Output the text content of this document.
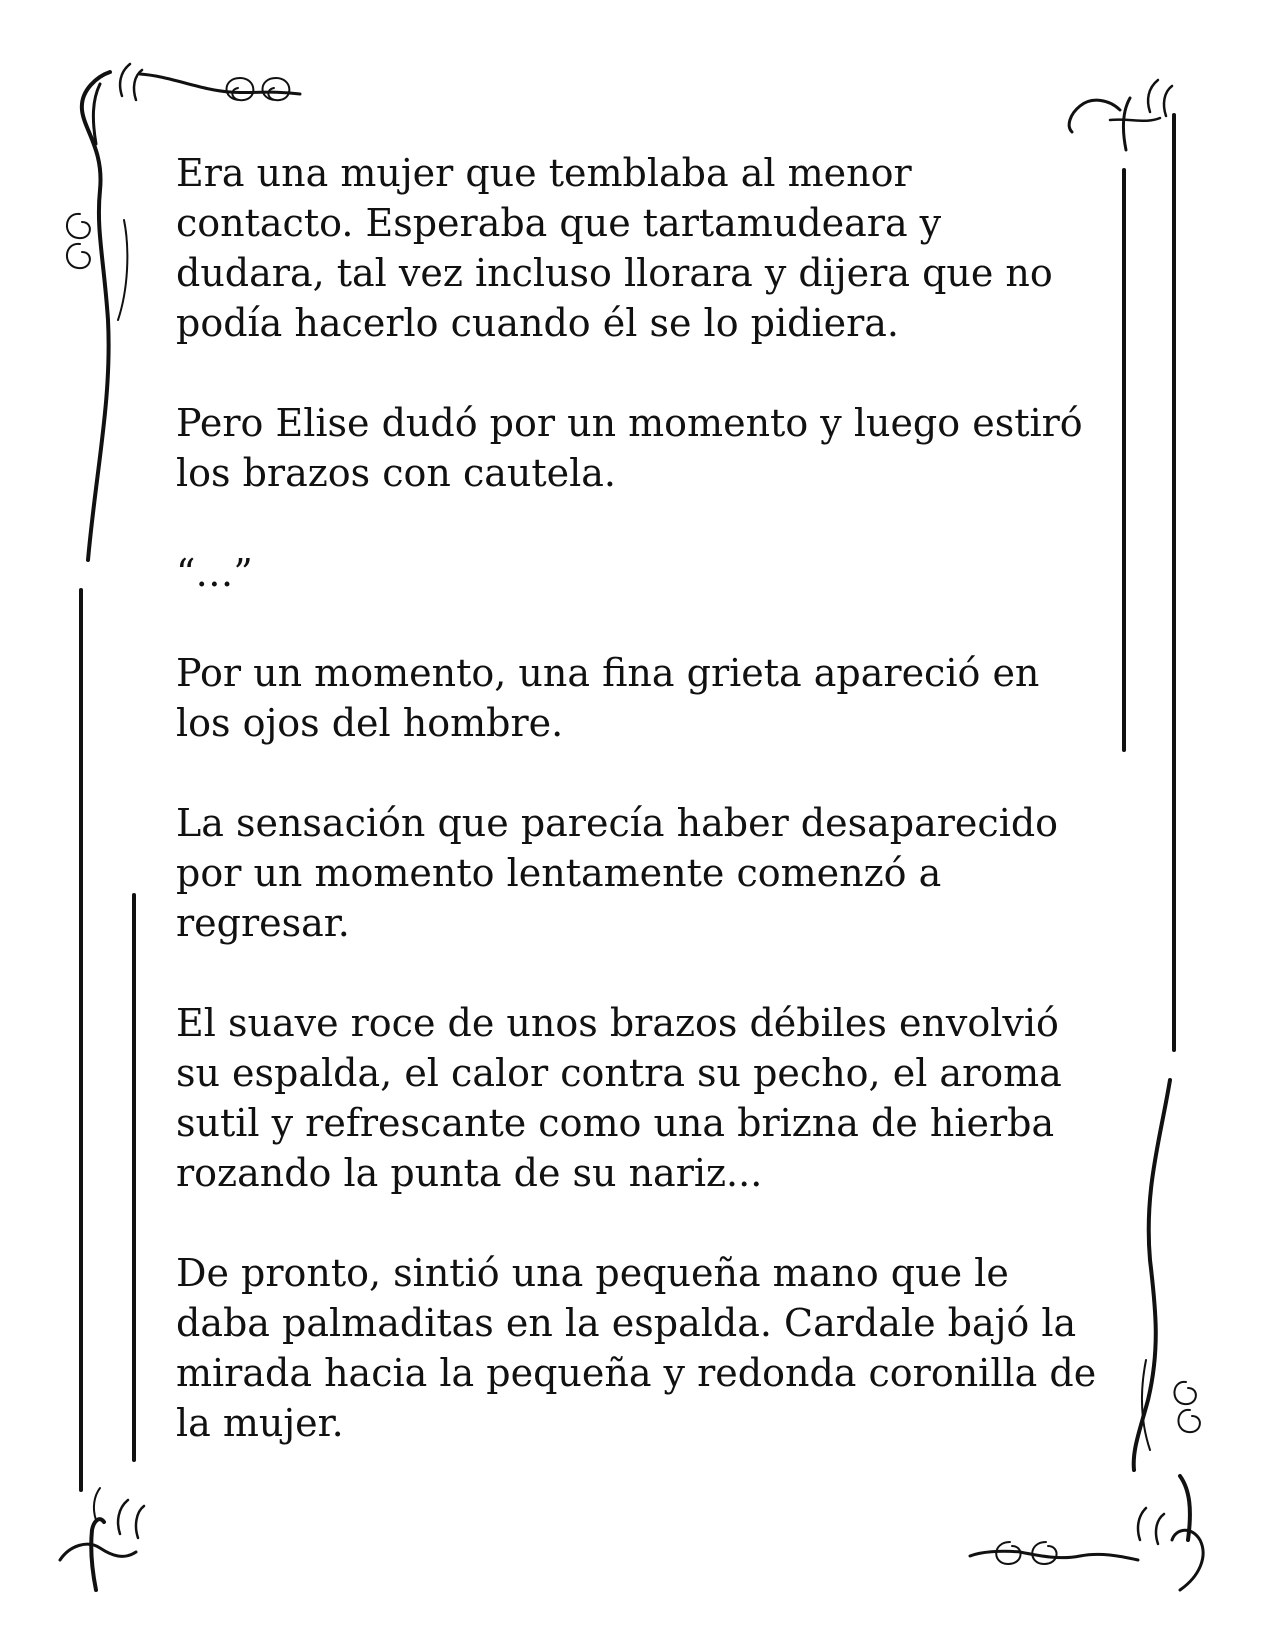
Era una mujer que temblaba al menor
contacto. Esperaba que tartamudeara y
dudara, tal vez incluso llorara y dijera que no
podía hacerlo cuando él se lo pidiera.

Pero Elise dudó por un momento y luego estiró
los brazos con cautela.

“…”

Por un momento, una fina grieta apareció en
los ojos del hombre.

La sensación que parecía haber desaparecido
por un momento lentamente comenzó a
regresar.

El suave roce de unos brazos débiles envolvió
su espalda, el calor contra su pecho, el aroma
sutil y refrescante como una brizna de hierba
rozando la punta de su nariz...

De pronto, sintió una pequeña mano que le
daba palmaditas en la espalda. Cardale bajó la
mirada hacia la pequeña y redonda coronilla de
la mujer.
